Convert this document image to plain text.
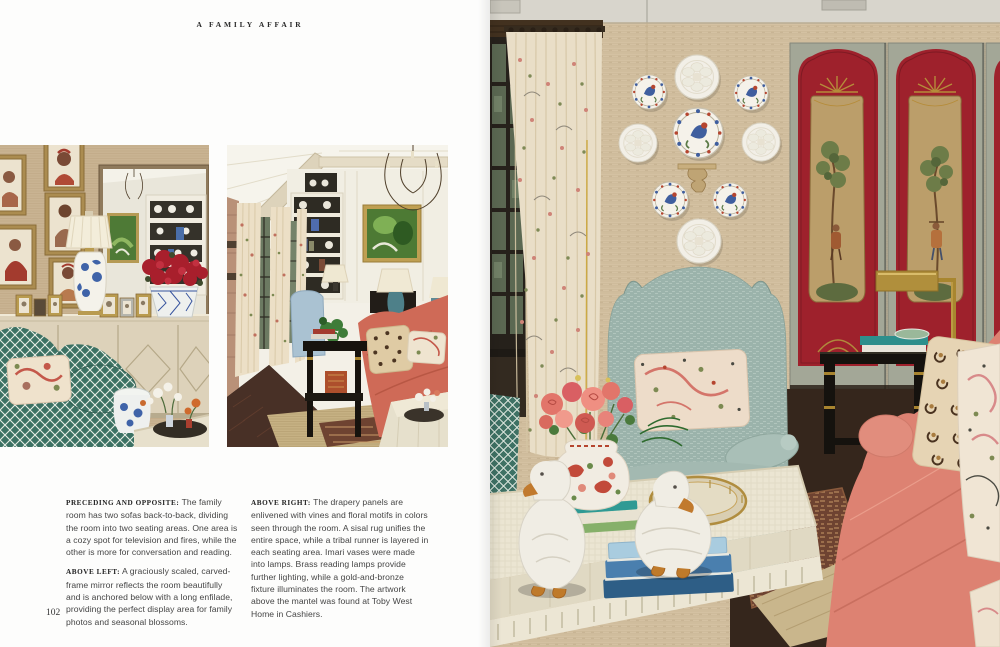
A FAMILY AFFAIR

PRECEDING AND OPPOSITE: The family room has two sofas back-to-back, dividing the room into two seating areas. One area is a cozy spot for television and fires, while the other is more for conversation and reading.

ABOVE LEFT: A graciously scaled, carved-frame mirror reflects the room beautifully and is anchored below with a long enfilade, providing the perfect display area for family photos and seasonal blossoms.

ABOVE RIGHT: The drapery panels are enlivened with vines and floral motifs in colors seen through the room. A sisal rug unifies the entire space, while a tribal runner is layered in each seating area. Imari vases were made into lamps. Brass reading lamps provide further lighting, while a gold-and-bronze fixture illuminates the room. The artwork above the mantel was found at Toby West Home in Cashiers.

102
